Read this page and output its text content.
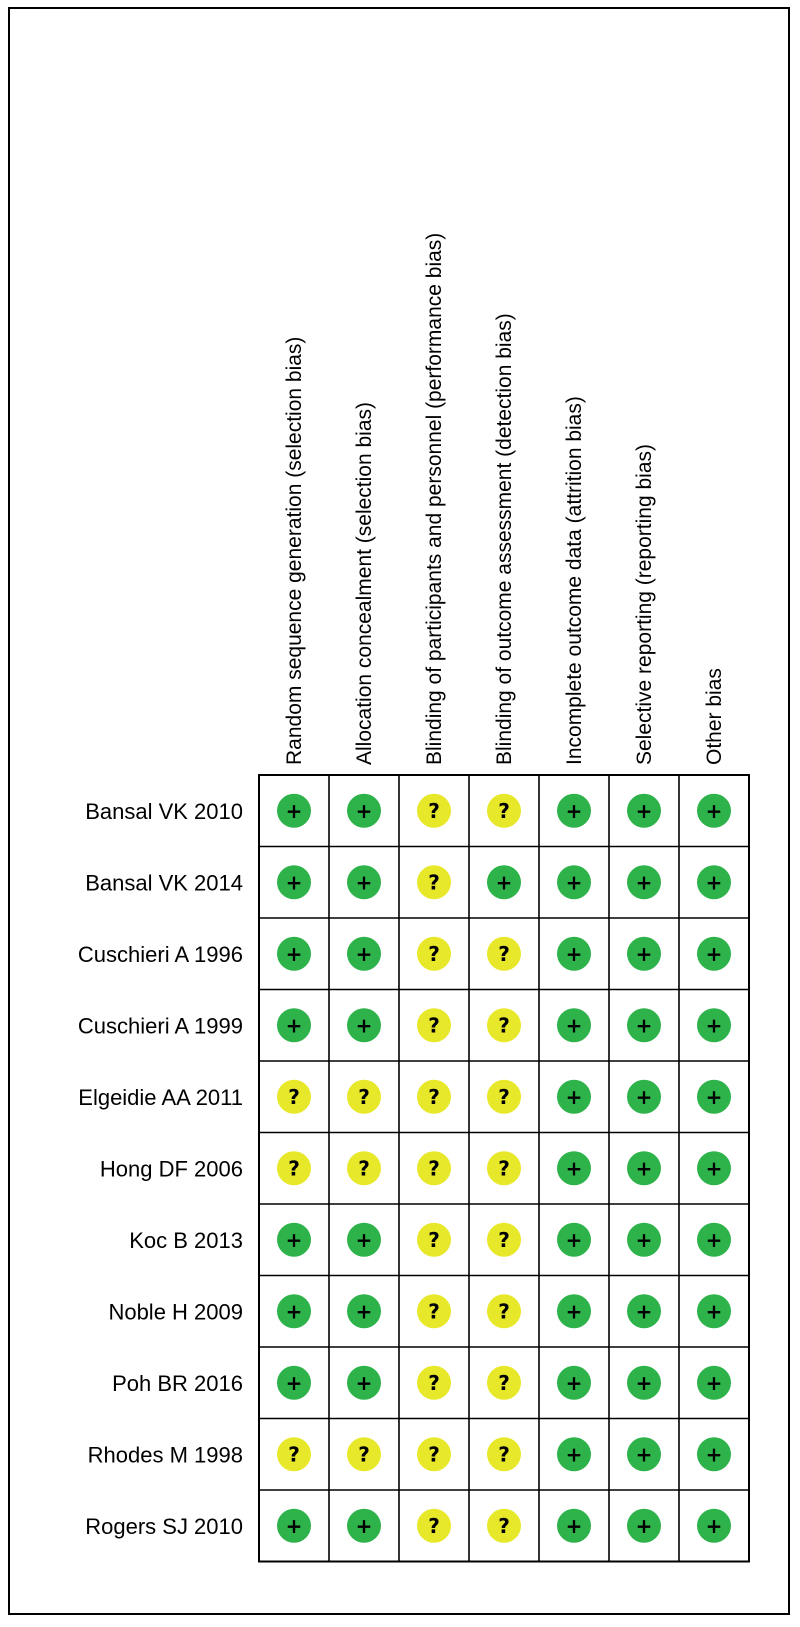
Random sequence generation (selection bias) Allocation concealment (selection bias) Blinding of participants and personnel (performance bias) Blinding of outcome assessment (detection bias) Incomplete outcome data (attrition bias) Selective reporting (reporting bias) Other bias
Bansal VK 2010 +	+	?	?	+	+	+
Bansal VK 2014 +	+	?	+	+	+	+
Cuschieri A 1996 +	+	?	?	+	+	+
Cuschieri A 1999 +	+	?	?	+	+	+
Elgeidie AA 2011 ?	?	?	?	+	+	+
Hong DF 2006 ?	?	?	?	+	+	+
Koc B 2013 +	+	?	?	+	+	+
Noble H 2009 +	+	?	?	+	+	+
Poh BR 2016 +	+	?	?	+	+	+
Rhodes M 1998 ?	?	?	?	+	+	+
Rogers SJ 2010 +	+	?	?	+	+	+
